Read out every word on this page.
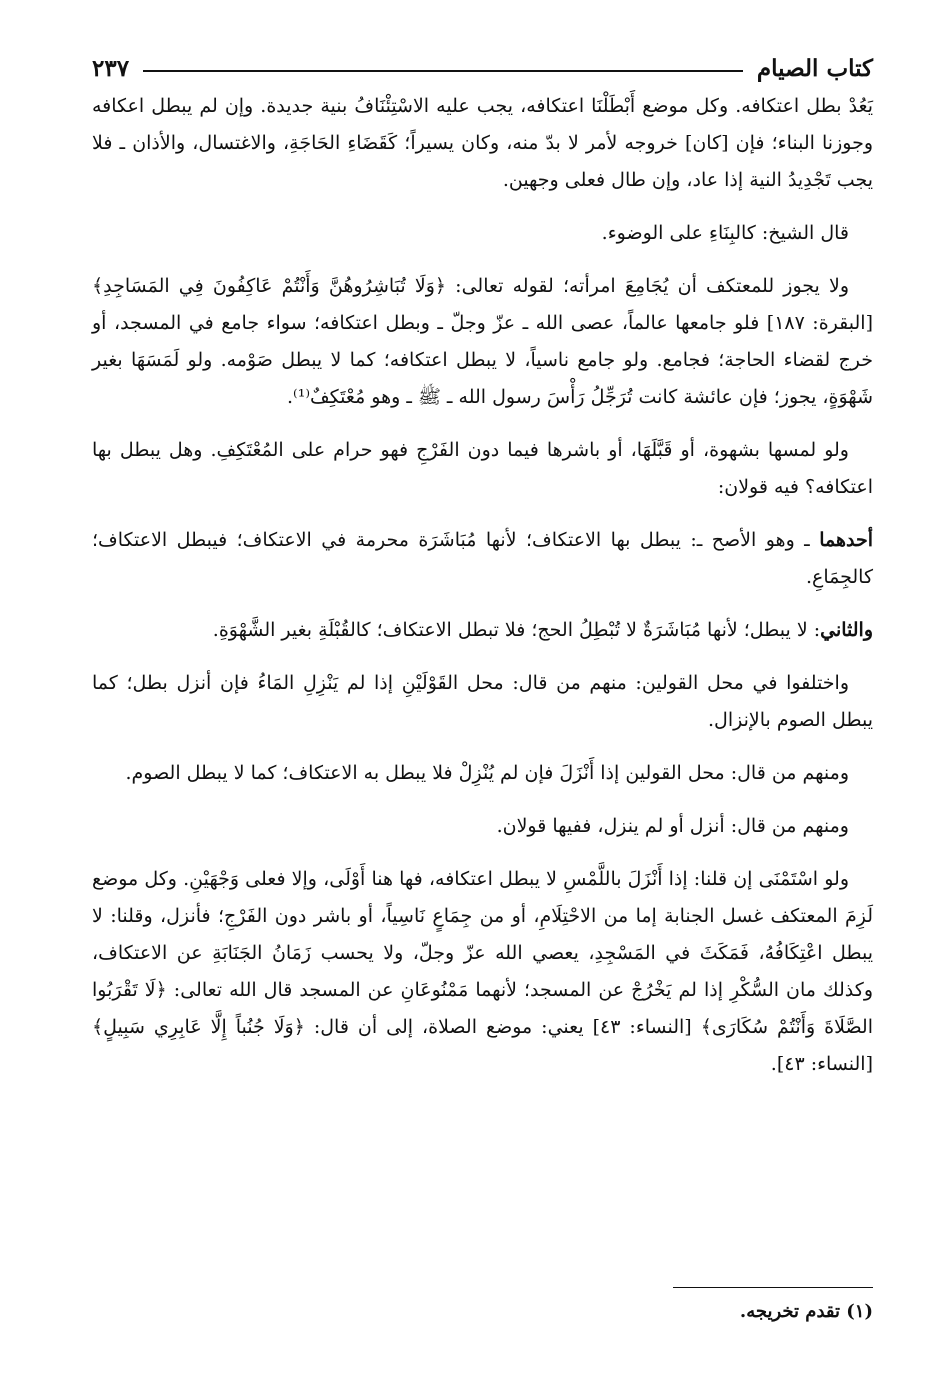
كتاب الصيام
٢٣٧

يَعُدْ بطل اعتكافه. وكل موضع أَبْطَلْنَا اعتكافه، يجب عليه الاسْتِئْنَافُ بنية جديدة. وإن لم يبطل اعكافه وجوزنا البناء؛ فإن [كان] خروجه لأمر لا بدّ منه، وكان يسيراً؛ كَقَضَاءِ الحَاجَةِ، والاغتسال، والأذان ـ فلا يجب تَجْدِيدُ النية إذا عاد، وإن طال فعلى وجهين.

قال الشيخ: كالبِنَاءِ على الوضوء.

ولا يجوز للمعتكف أن يُجَامِعَ امرأته؛ لقوله تعالى: ﴿وَلَا تُبَاشِرُوهُنَّ وَأَنْتُمْ عَاكِفُونَ فِي المَسَاجِدِ﴾ [البقرة: ١٨٧] فلو جامعها عالماً، عصى الله ـ عزّ وجلّ ـ وبطل اعتكافه؛ سواء جامع في المسجد، أو خرج لقضاء الحاجة؛ فجامع. ولو جامع ناسياً، لا يبطل اعتكافه؛ كما لا يبطل صَوْمه. ولو لَمَسَهَا بغير شَهْوَةٍ، يجوز؛ فإن عائشة كانت تُرَجِّلُ رَأْسَ رسول الله ـ ﷺ ـ وهو مُعْتَكِفٌ⁽¹⁾.

ولو لمسها بشهوة، أو قَبَّلَهَا، أو باشرها فيما دون الفَرْجِ فهو حرام على المُعْتَكِفِ. وهل يبطل بها اعتكافه؟ فيه قولان:

أحدهما ـ وهو الأصح ـ: يبطل بها الاعتكاف؛ لأنها مُبَاشَرَة محرمة في الاعتكاف؛ فيبطل الاعتكاف؛ كالجِمَاعِ.

والثاني: لا يبطل؛ لأنها مُبَاشَرَةٌ لا تُبْطِلُ الحج؛ فلا تبطل الاعتكاف؛ كالقُبْلَةِ بغير الشَّهْوَةِ.

واختلفوا في محل القولين: منهم من قال: محل القَوْلَيْنِ إذا لم يَنْزِلِ المَاءُ فإن أنزل بطل؛ كما يبطل الصوم بالإنزال.

ومنهم من قال: محل القولين إذا أَنْزَلَ فإن لم يُنْزِلْ فلا يبطل به الاعتكاف؛ كما لا يبطل الصوم.

ومنهم من قال: أنزل أو لم ينزل، ففيها قولان.

ولو اسْتَمْنَى إن قلنا: إذا أَنْزَلَ باللَّمْسِ لا يبطل اعتكافه، فها هنا أَوْلَى، وإلا فعلى وَجْهَيْنِ. وكل موضع لَزِمَ المعتكف غسل الجنابة إما من الاحْتِلَامِ، أو من جِمَاعٍ نَاسِياً، أو باشر دون الفَرْجِ؛ فأنزل، وقلنا: لا يبطل اعْتِكَافُهُ، فَمَكَثَ في المَسْجِدِ، يعصي الله عزّ وجلّ، ولا يحسب زَمَانُ الجَنَابَةِ عن الاعتكاف، وكذلك مان السُّكْرِ إذا لم يَخْرُجْ عن المسجد؛ لأنهما مَمْنُوعَانِ عن المسجد قال الله تعالى: ﴿لَا تَقْرَبُوا الصَّلَاةَ وَأَنْتُمْ سُكَارَى﴾ [النساء: ٤٣] يعني: موضع الصلاة، إلى أن قال: ﴿وَلَا جُنُباً إِلَّا عَابِرِي سَبِيلٍ﴾ [النساء: ٤٣].

(١) تقدم تخريجه.
